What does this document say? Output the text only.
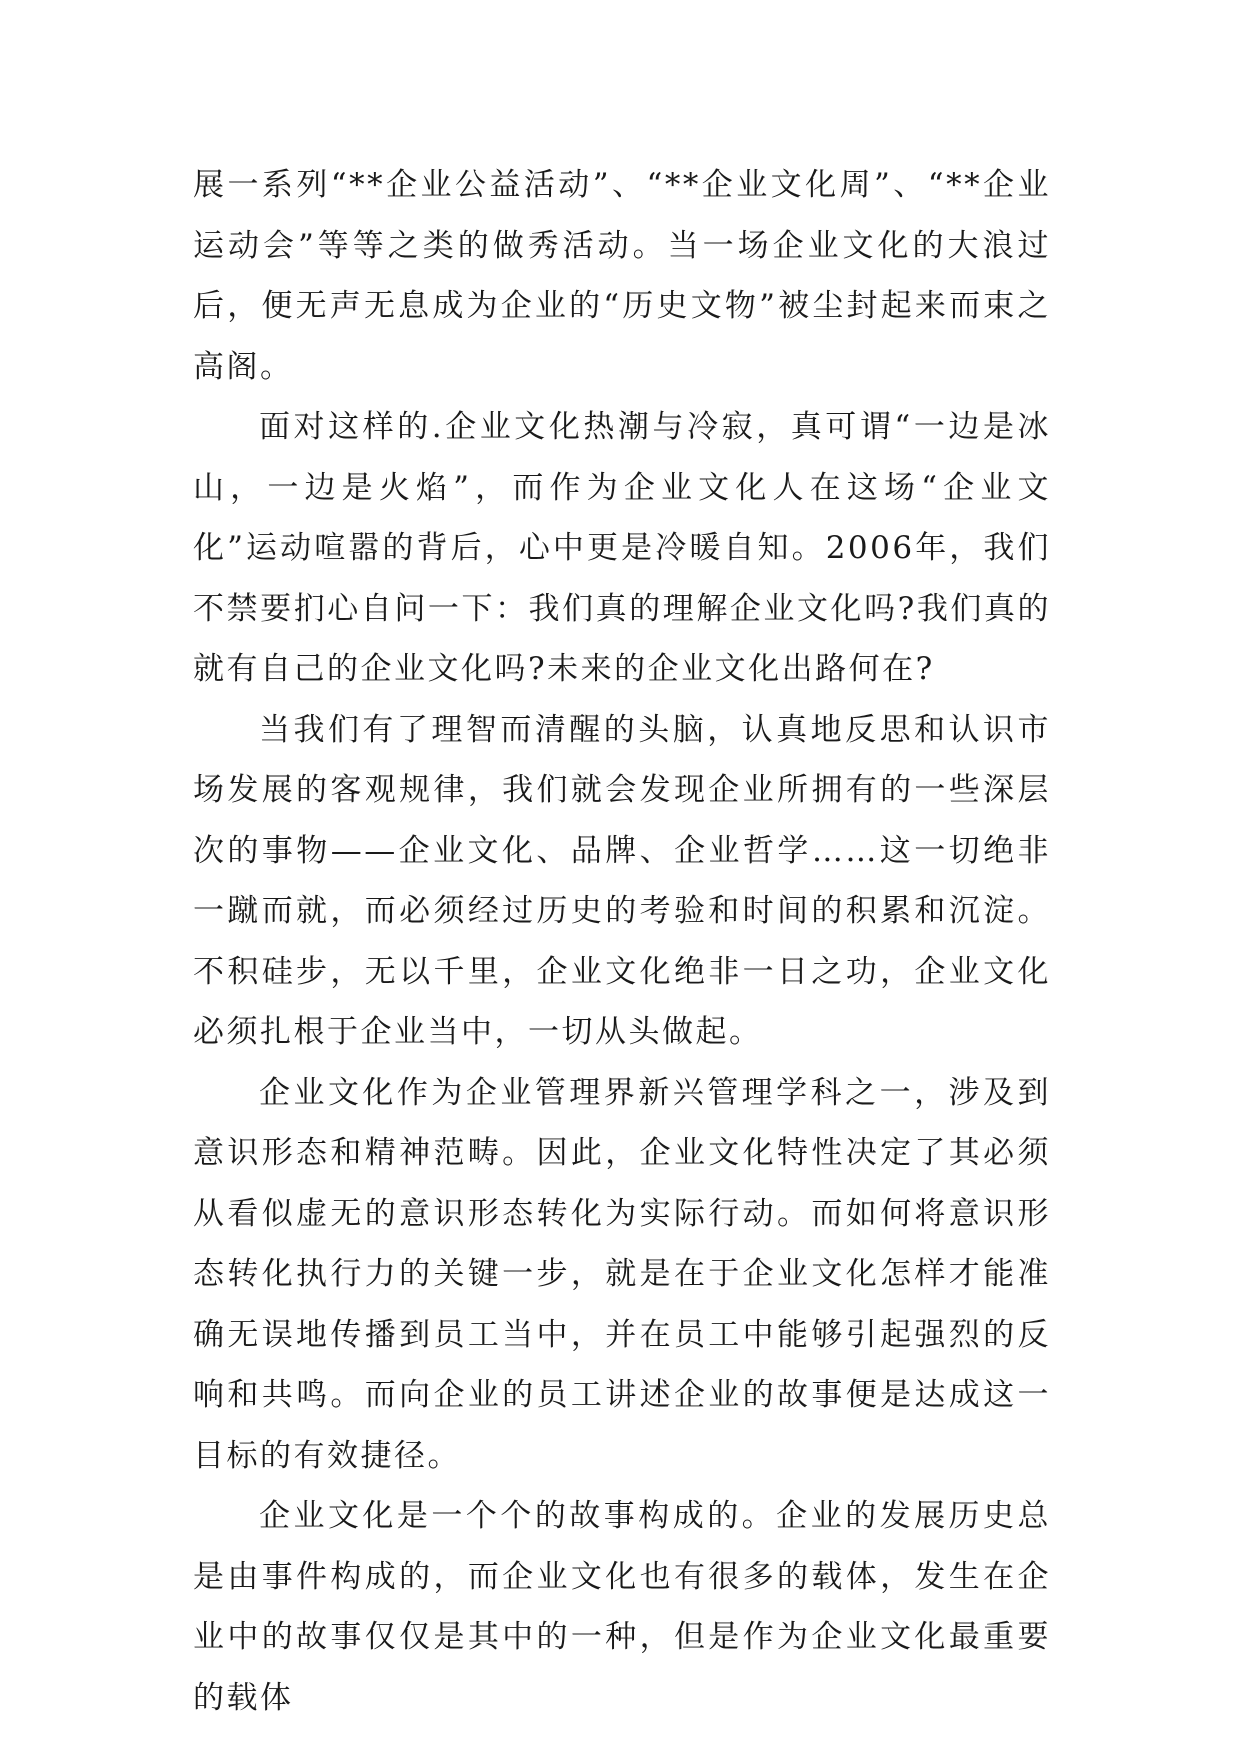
展一系列“**企业公益活动”、“**企业文化周”、“**企业运动会”等等之类的做秀活动。当一场企业文化的大浪过后，便无声无息成为企业的“历史文物”被尘封起来而束之高阁。

面对这样的.企业文化热潮与冷寂，真可谓“一边是冰山，一边是火焰”，而作为企业文化人在这场“企业文化”运动喧嚣的背后，心中更是冷暖自知。2006年，我们不禁要扪心自问一下：我们真的理解企业文化吗?我们真的就有自己的企业文化吗?未来的企业文化出路何在?

当我们有了理智而清醒的头脑，认真地反思和认识市场发展的客观规律，我们就会发现企业所拥有的一些深层次的事物——企业文化、品牌、企业哲学……这一切绝非一蹴而就，而必须经过历史的考验和时间的积累和沉淀。不积硅步，无以千里，企业文化绝非一日之功，企业文化必须扎根于企业当中，一切从头做起。

企业文化作为企业管理界新兴管理学科之一，涉及到意识形态和精神范畴。因此，企业文化特性决定了其必须从看似虚无的意识形态转化为实际行动。而如何将意识形态转化执行力的关键一步，就是在于企业文化怎样才能准确无误地传播到员工当中，并在员工中能够引起强烈的反响和共鸣。而向企业的员工讲述企业的故事便是达成这一目标的有效捷径。

企业文化是一个个的故事构成的。企业的发展历史总是由事件构成的，而企业文化也有很多的载体，发生在企业中的故事仅仅是其中的一种，但是作为企业文化最重要的载体
